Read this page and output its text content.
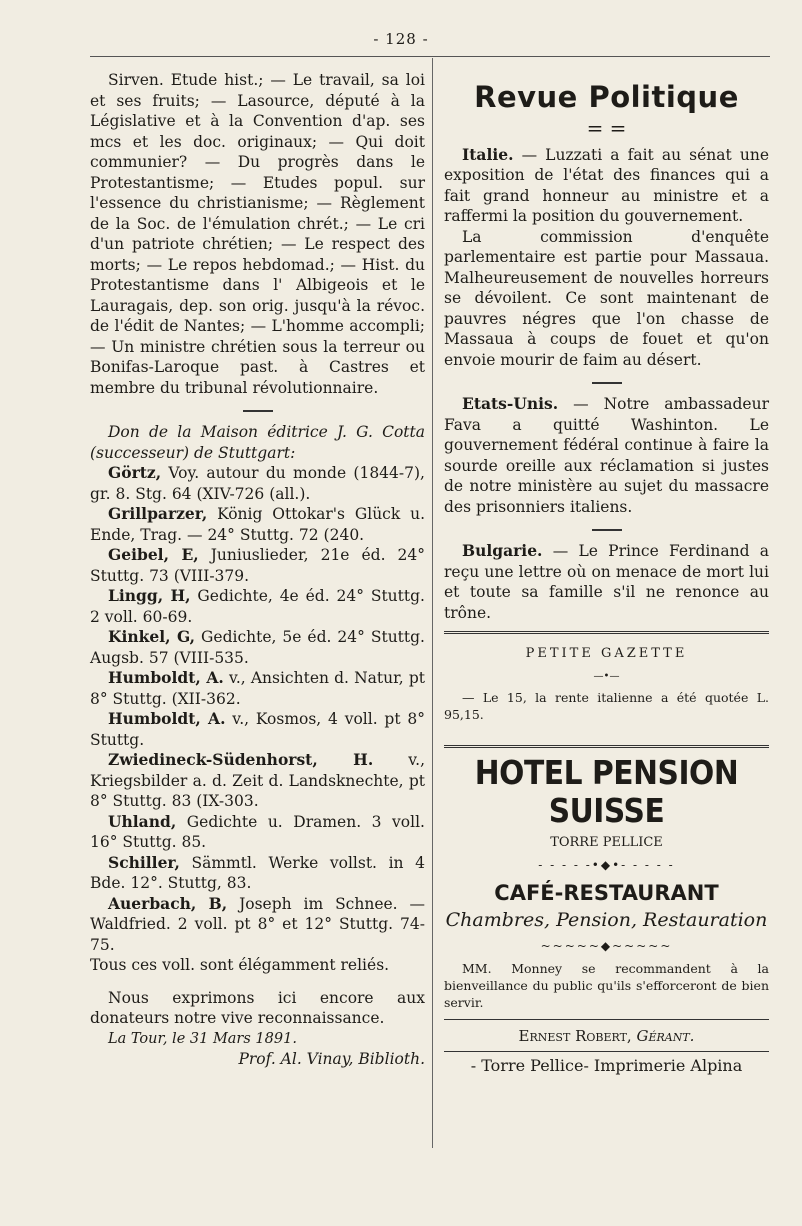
- 128 -

Sirven. Etude hist.; — Le travail, sa loi et ses fruits; — Lasource, député à la Législative et à la Convention d'ap. ses mcs et les doc. originaux; — Qui doit communier? — Du progrès dans le Protestantisme; — Etudes popul. sur l'essence du christianisme; — Règlement de la Soc. de l'émulation chrét.; — Le cri d'un patriote chrétien; — Le respect des morts; — Le repos hebdomad.; — Hist. du Protestantisme dans l' Albigeois et le Lauragais, dep. son orig. jusqu'à la révoc. de l'édit de Nantes; — L'homme accompli; — Un ministre chrétien sous la terreur ou Bonifas-Laroque past. à Castres et membre du tribunal révolutionnaire.

Don de la Maison éditrice J. G. Cotta (successeur) de Stuttgart:

Görtz, Voy. autour du monde (1844-7), gr. 8. Stg. 64 (XIV-726 (all.).

Grillparzer, König Ottokar's Glück u. Ende, Trag. — 24° Stuttg. 72 (240.

Geibel, E, Juniuslieder, 21e éd. 24° Stuttg. 73 (VIII-379.

Lingg, H, Gedichte, 4e éd. 24° Stuttg. 2 voll. 60-69.

Kinkel, G, Gedichte, 5e éd. 24° Stuttg. Augsb. 57 (VIII-535.

Humboldt, A. v., Ansichten d. Natur, pt 8° Stuttg. (XII-362.

Humboldt, A. v., Kosmos, 4 voll. pt 8° Stuttg.

Zwiedineck-Südenhorst, H. v., Kriegsbilder a. d. Zeit d. Landsknechte, pt 8° Stuttg. 83 (IX-303.

Uhland, Gedichte u. Dramen. 3 voll. 16° Stuttg. 85.

Schiller, Sämmtl. Werke vollst. in 4 Bde. 12°. Stuttg, 83.

Auerbach, B, Joseph im Schnee. — Waldfried. 2 voll. pt 8° et 12° Stuttg. 74-75.

Tous ces voll. sont élégamment reliés.

Nous exprimons ici encore aux donateurs notre vive reconnaissance.

La Tour, le 31 Mars 1891.

Prof. Al. Vinay, Biblioth.

Revue Politique
= =

Italie. — Luzzati a fait au sénat une exposition de l'état des finances qui a fait grand honneur au ministre et a raffermi la position du gouvernement.

La commission d'enquête parlementaire est partie pour Massaua. Malheureusement de nouvelles horreurs se dévoilent. Ce sont maintenant de pauvres négres que l'on chasse de Massaua à coups de fouet et qu'on envoie mourir de faim au désert.

Etats-Unis. — Notre ambassadeur Fava a quitté Washinton. Le gouvernement fédéral continue à faire la sourde oreille aux réclamation si justes de notre ministère au sujet du massacre des prisonniers italiens.

Bulgarie. — Le Prince Ferdinand a reçu une lettre où on menace de mort lui et toute sa famille s'il ne renonce au trône.

PETITE GAZETTE
—•—

— Le 15, la rente italienne a été quotée L. 95,15.

HOTEL PENSION SUISSE
TORRE PELLICE
- - - - -•◆•- - - - -
CAFÉ-RESTAURANT
Chambres, Pension, Restauration
~~~~~◆~~~~~

MM. Monney se recommandent à la bienveillance du public qu'ils s'efforceront de bien servir.

Ernest Robert, Gérant.
- Torre Pellice- Imprimerie Alpina
